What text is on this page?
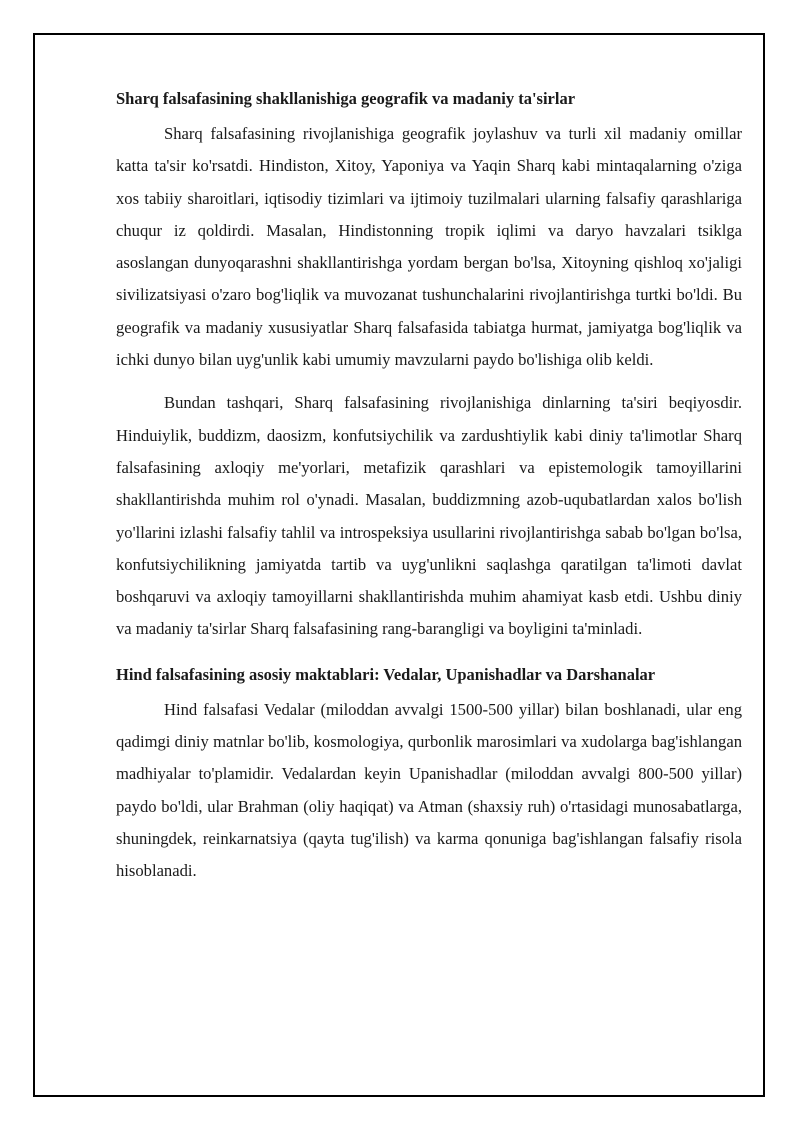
Sharq falsafasining shakllanishiga geografik va madaniy ta'sirlar

Sharq falsafasining rivojlanishiga geografik joylashuv va turli xil madaniy omillar katta ta'sir ko'rsatdi. Hindiston, Xitoy, Yaponiya va Yaqin Sharq kabi mintaqalarning o'ziga xos tabiiy sharoitlari, iqtisodiy tizimlari va ijtimoiy tuzilmalari ularning falsafiy qarashlariga chuqur iz qoldirdi. Masalan, Hindistonning tropik iqlimi va daryo havzalari tsiklga asoslangan dunyoqarashni shakllantirishga yordam bergan bo'lsa, Xitoyning qishloq xo'jaligi sivilizatsiyasi o'zaro bog'liqlik va muvozanat tushunchalarini rivojlantirishga turtki bo'ldi. Bu geografik va madaniy xususiyatlar Sharq falsafasida tabiatga hurmat, jamiyatga bog'liqlik va ichki dunyo bilan uyg'unlik kabi umumiy mavzularni paydo bo'lishiga olib keldi.

Bundan tashqari, Sharq falsafasining rivojlanishiga dinlarning ta'siri beqiyosdir. Hinduiylik, buddizm, daosizm, konfutsiychilik va zardushtiylik kabi diniy ta'limotlar Sharq falsafasining axloqiy me'yorlari, metafizik qarashlari va epistemologik tamoyillarini shakllantirishda muhim rol o'ynadi. Masalan, buddizmning azob-uqubatlardan xalos bo'lish yo'llarini izlashi falsafiy tahlil va introspeksiya usullarini rivojlantirishga sabab bo'lgan bo'lsa, konfutsiychilikning jamiyatda tartib va uyg'unlikni saqlashga qaratilgan ta'limoti davlat boshqaruvi va axloqiy tamoyillarni shakllantirishda muhim ahamiyat kasb etdi. Ushbu diniy va madaniy ta'sirlar Sharq falsafasining rang-barangligi va boyligini ta'minladi.

Hind falsafasining asosiy maktablari: Vedalar, Upanishadlar va Darshanalar

Hind falsafasi Vedalar (miloddan avvalgi 1500-500 yillar) bilan boshlanadi, ular eng qadimgi diniy matnlar bo'lib, kosmologiya, qurbonlik marosimlari va xudolarga bag'ishlangan madhiyalar to'plamidir. Vedalardan keyin Upanishadlar (miloddan avvalgi 800-500 yillar) paydo bo'ldi, ular Brahman (oliy haqiqat) va Atman (shaxsiy ruh) o'rtasidagi munosabatlarga, shuningdek, reinkarnatsiya (qayta tug'ilish) va karma qonuniga bag'ishlangan falsafiy risola hisoblanadi.
